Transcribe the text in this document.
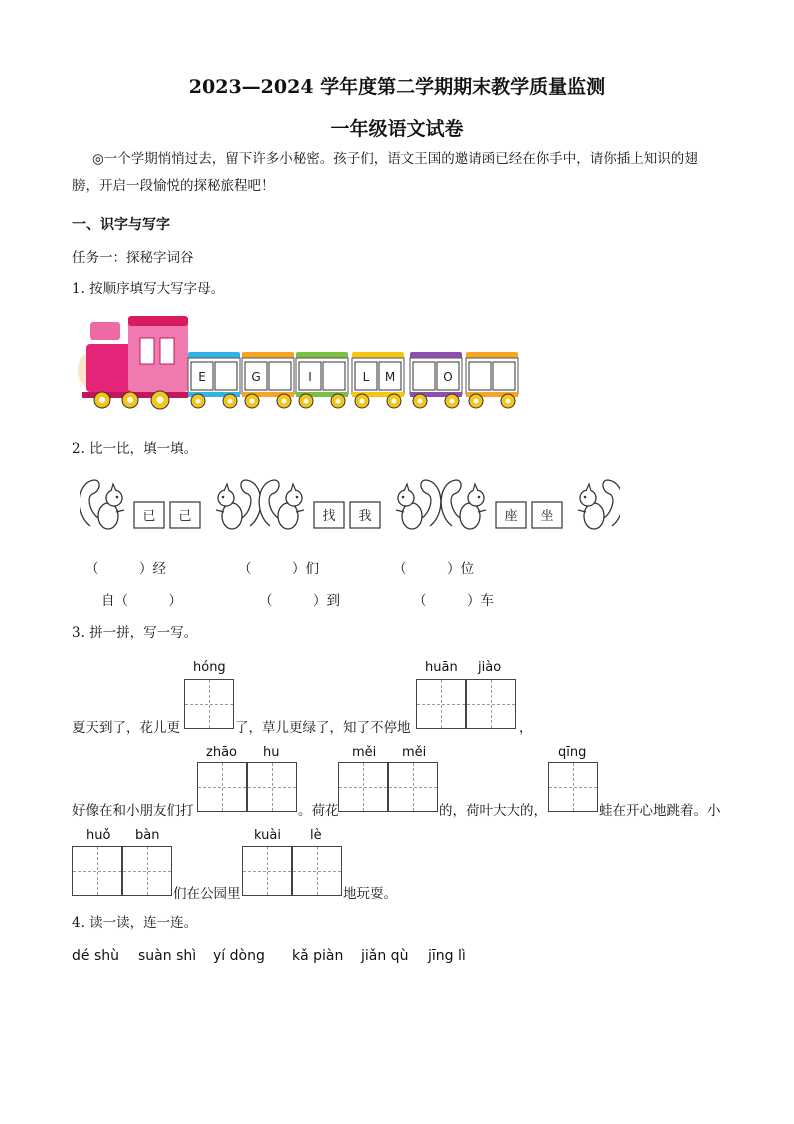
2023—2024 学年度第二学期期末教学质量监测
一年级语文试卷
◎一个学期悄悄过去，留下许多小秘密。孩子们，语文王国的邀请函已经在你手中，请你插上知识的翅膀，开启一段愉悦的探秘旅程吧！
一、识字与写字
任务一：探秘字词谷
1. 按顺序填写大写字母。
E	G	I	L M	O
2. 比一比，填一填。
已 己	找 我	座 坐
（　　　）经	（　　　）们	（　　　）位
自（　　　）	（　　　）到	（　　　）车
3. 拼一拼，写一写。
hóng	huān jiào
夏天到了，花儿更	了，草儿更绿了，知了不停地	，
zhāo hu	měi měi	qīng
好像在和小朋友们打	。荷花	的，荷叶大大的，	蛙在开心地跳着。小
huǒ bàn	kuài lè
们在公园里	地玩耍。
4. 读一读，连一连。
dé shù suàn shì yí dòng kǎ piàn jiǎn qù jīng lì
